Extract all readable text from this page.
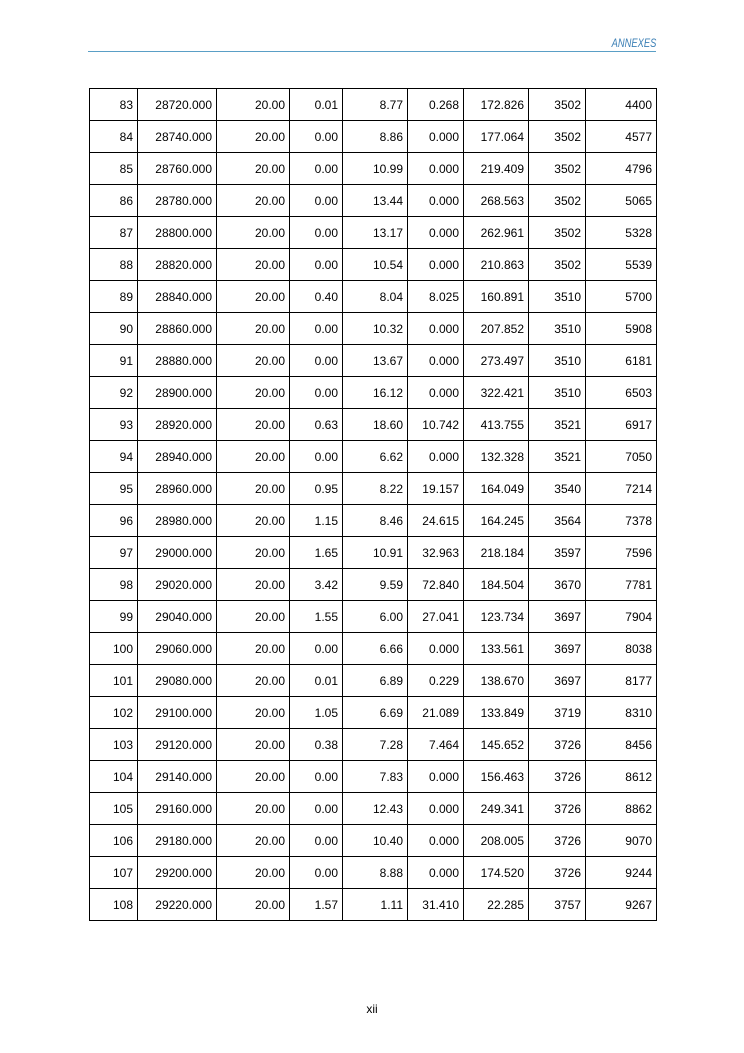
ANNEXES
83	28720.000	20.00	0.01	8.77	0.268	172.826	3502	4400
84	28740.000	20.00	0.00	8.86	0.000	177.064	3502	4577
85	28760.000	20.00	0.00	10.99	0.000	219.409	3502	4796
86	28780.000	20.00	0.00	13.44	0.000	268.563	3502	5065
87	28800.000	20.00	0.00	13.17	0.000	262.961	3502	5328
88	28820.000	20.00	0.00	10.54	0.000	210.863	3502	5539
89	28840.000	20.00	0.40	8.04	8.025	160.891	3510	5700
90	28860.000	20.00	0.00	10.32	0.000	207.852	3510	5908
91	28880.000	20.00	0.00	13.67	0.000	273.497	3510	6181
92	28900.000	20.00	0.00	16.12	0.000	322.421	3510	6503
93	28920.000	20.00	0.63	18.60	10.742	413.755	3521	6917
94	28940.000	20.00	0.00	6.62	0.000	132.328	3521	7050
95	28960.000	20.00	0.95	8.22	19.157	164.049	3540	7214
96	28980.000	20.00	1.15	8.46	24.615	164.245	3564	7378
97	29000.000	20.00	1.65	10.91	32.963	218.184	3597	7596
98	29020.000	20.00	3.42	9.59	72.840	184.504	3670	7781
99	29040.000	20.00	1.55	6.00	27.041	123.734	3697	7904
100	29060.000	20.00	0.00	6.66	0.000	133.561	3697	8038
101	29080.000	20.00	0.01	6.89	0.229	138.670	3697	8177
102	29100.000	20.00	1.05	6.69	21.089	133.849	3719	8310
103	29120.000	20.00	0.38	7.28	7.464	145.652	3726	8456
104	29140.000	20.00	0.00	7.83	0.000	156.463	3726	8612
105	29160.000	20.00	0.00	12.43	0.000	249.341	3726	8862
106	29180.000	20.00	0.00	10.40	0.000	208.005	3726	9070
107	29200.000	20.00	0.00	8.88	0.000	174.520	3726	9244
108	29220.000	20.00	1.57	1.11	31.410	22.285	3757	9267
xii
